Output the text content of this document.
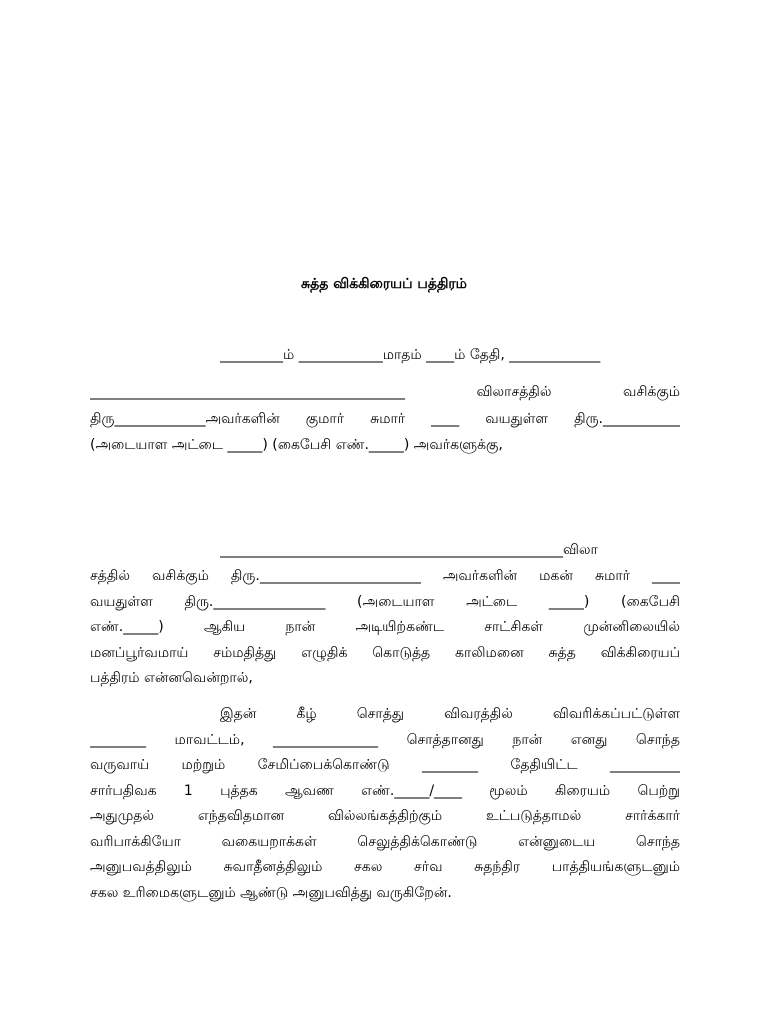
சுத்த விக்கிரையப் பத்திரம்
_________ம் ____________மாதம் ____ம் தேதி, _____________
_____________________________________________ விலாசத்தில் வசிக்கும்
திரு_____________அவர்களின் குமார் சுமார் ____ வயதுள்ள திரு.___________
(அடையாள அட்டை _____) (கைபேசி எண்._____) அவர்களுக்கு,
_________________________________________________விலா
சத்தில் வசிக்கும் திரு._______________________ அவர்களின் மகன் சுமார் ____
வயதுள்ள திரு.________________ (அடையாள அட்டை _____) (கைபேசி
எண்._____) ஆகிய நான் அடியிற்கண்ட சாட்சிகள் முன்னிலையில்
மனப்பூர்வமாய் சம்மதித்து எழுதிக் கொடுத்த காலிமனை சுத்த விக்கிரையப்
பத்திரம் என்னவென்றால்,
இதன் கீழ் சொத்து விவரத்தில் விவரிக்கப்பட்டுள்ள
________ மாவட்டம், _______________ சொத்தானது நான் எனது சொந்த
வருவாய் மற்றும் சேமிப்பைக்கொண்டு ________ தேதியிட்ட __________
சார்பதிவக 1 புத்தக ஆவண எண்._____/____ மூலம் கிரையம் பெற்று
அதுமுதல் எந்தவிதமான வில்லங்கத்திற்கும் உட்படுத்தாமல் சார்க்கார்
வரிபாக்கியோ வகையறாக்கள் செலுத்திக்கொண்டு என்னுடைய சொந்த
அனுபவத்திலும் சுவாதீனத்திலும் சகல சர்வ சுதந்திர பாத்தியங்களுடனும்
சகல உரிமைகளுடனும் ஆண்டு அனுபவித்து வருகிறேன்.
